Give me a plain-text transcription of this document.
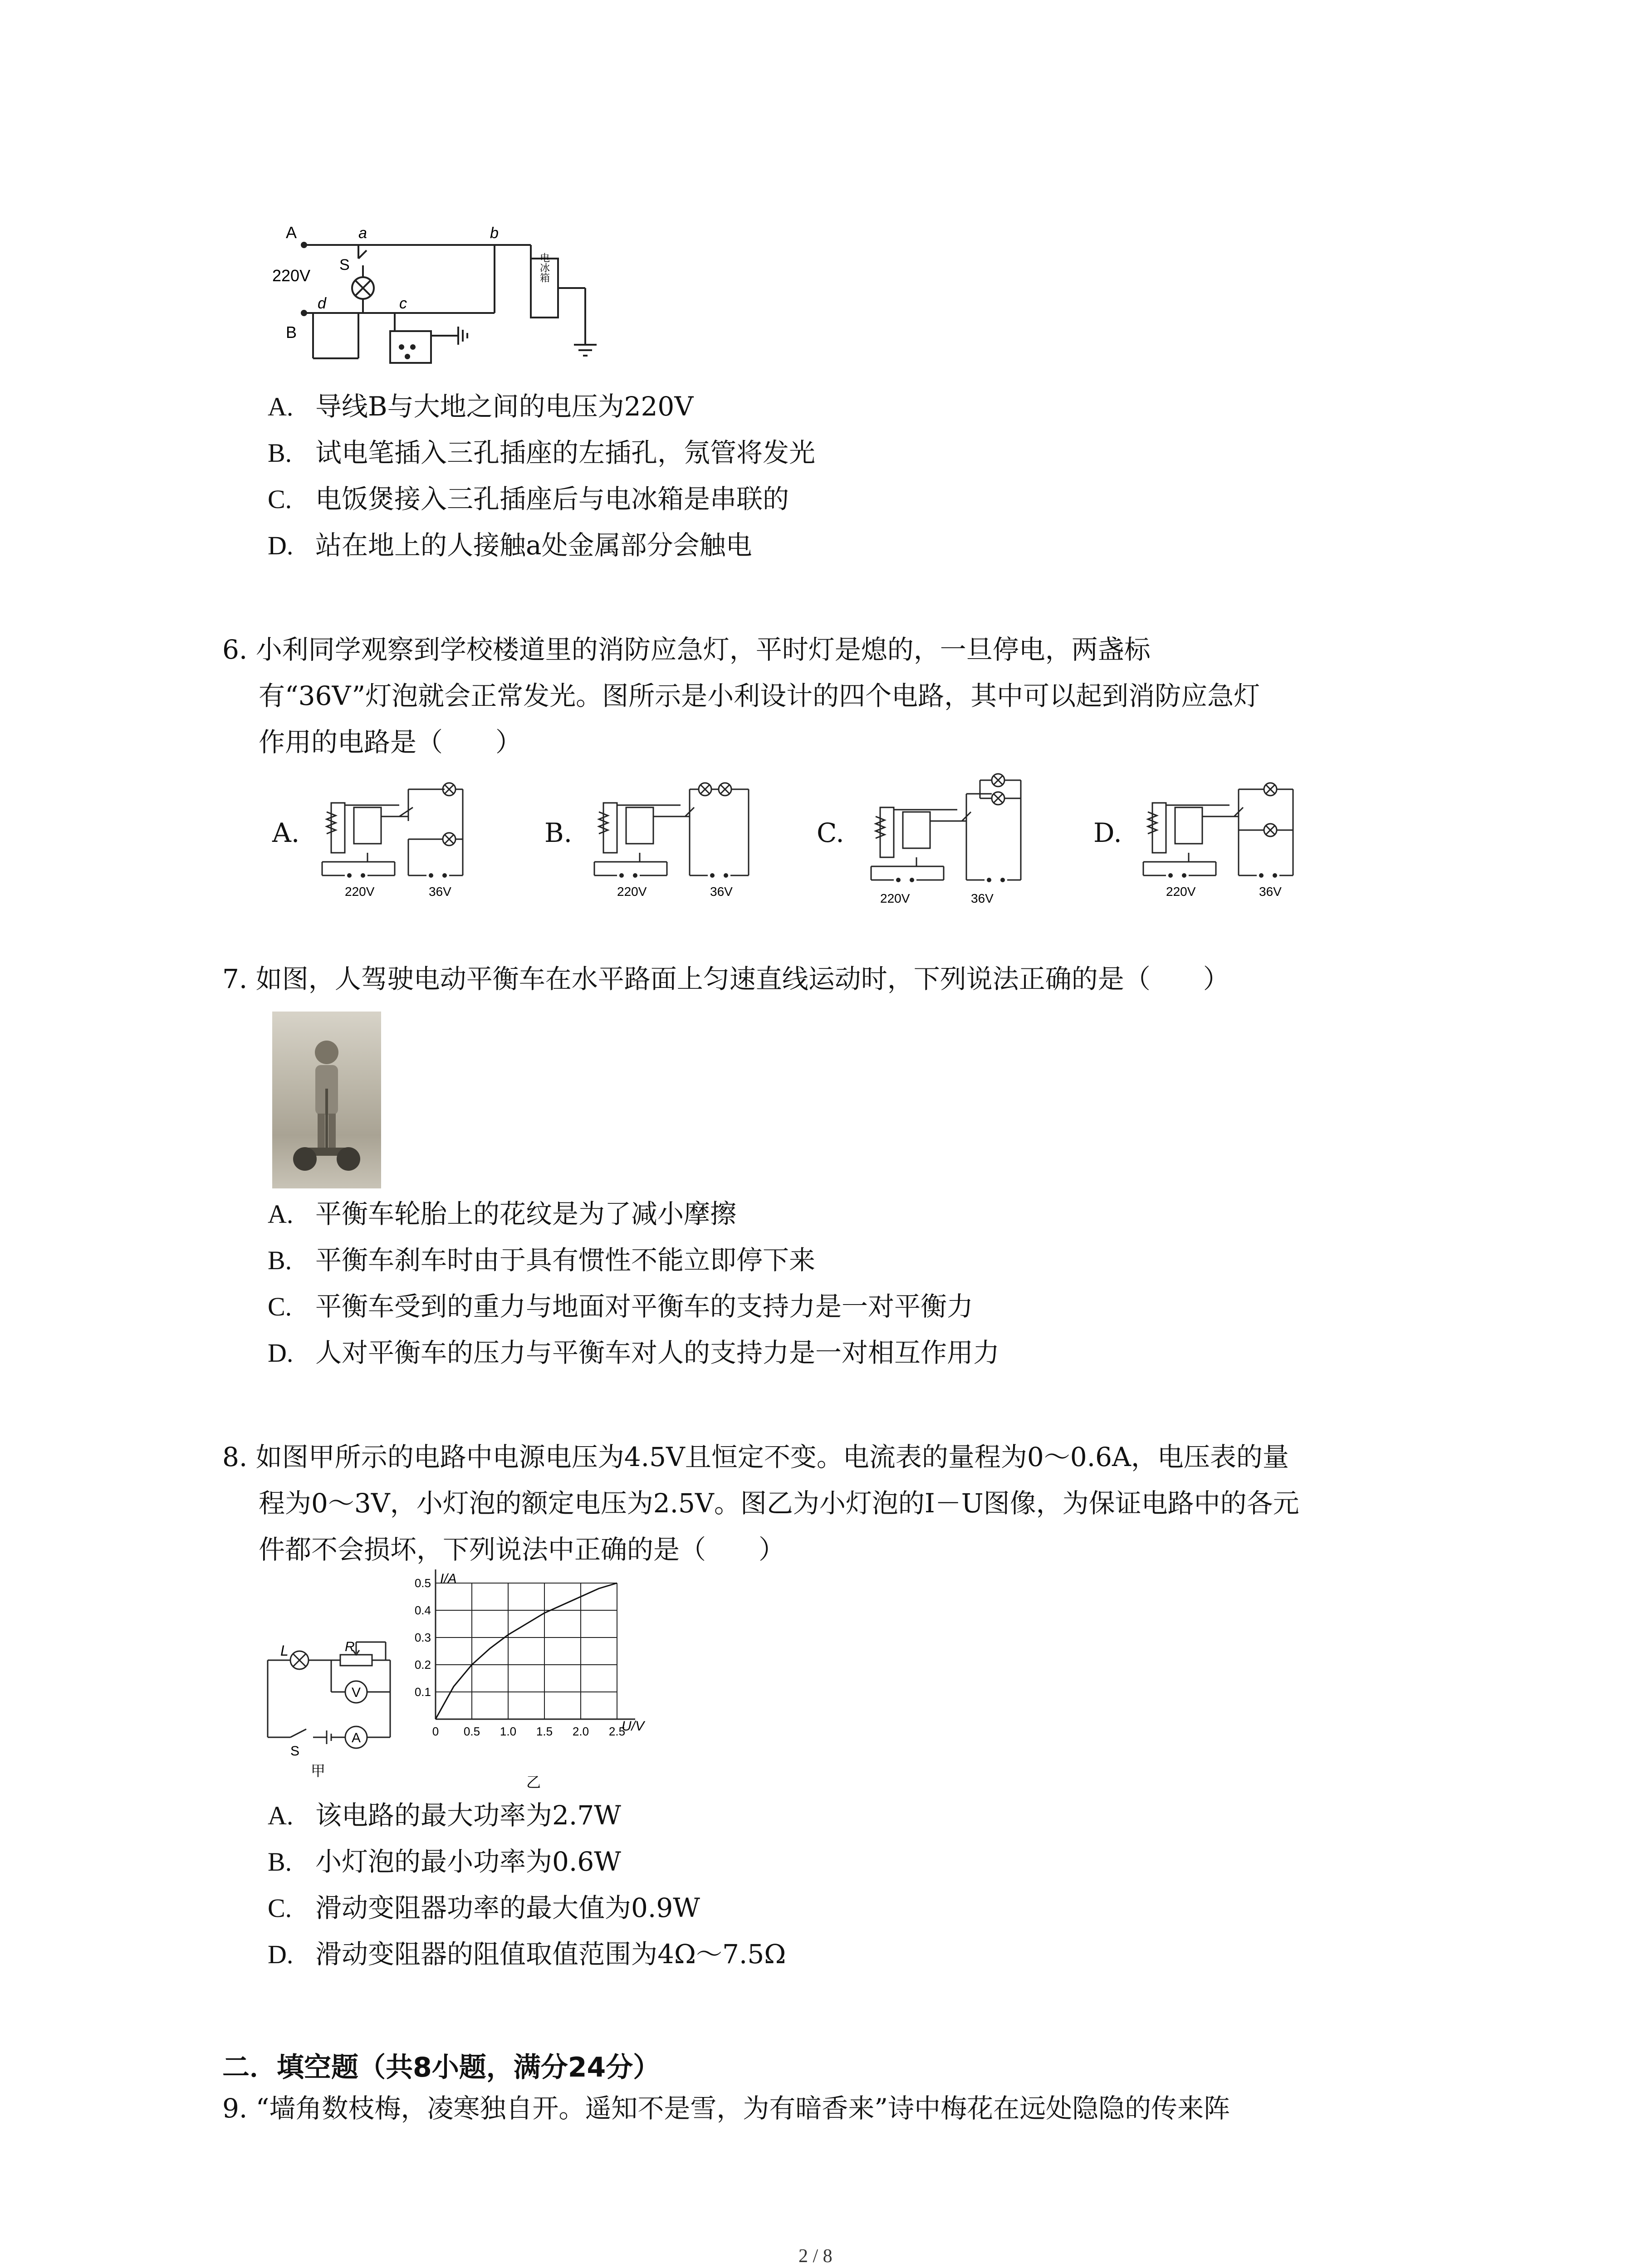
A
220V
B
a
S
b
d	c
电冰箱
A. 导线B与大地之间的电压为220V
B. 试电笔插入三孔插座的左插孔，氖管将发光
C. 电饭煲接入三孔插座后与电冰箱是串联的
D. 站在地上的人接触a处金属部分会触电
6. 小利同学观察到学校楼道里的消防应急灯，平时灯是熄的，一旦停电，两盏标
有“36V”灯泡就会正常发光。图所示是小利设计的四个电路，其中可以起到消防应急灯
作用的电路是（　　）
A.
220V	36V
B.
220V	36V
C.
220V	36V
D.
220V	36V
7. 如图，人驾驶电动平衡车在水平路面上匀速直线运动时，下列说法正确的是（　　）
A. 平衡车轮胎上的花纹是为了减小摩擦
B. 平衡车刹车时由于具有惯性不能立即停下来
C. 平衡车受到的重力与地面对平衡车的支持力是一对平衡力
D. 人对平衡车的压力与平衡车对人的支持力是一对相互作用力
8. 如图甲所示的电路中电源电压为4.5V且恒定不变。电流表的量程为0～0.6A，电压表的量
程为0～3V，小灯泡的额定电压为2.5V。图乙为小灯泡的I－U图像，为保证电路中的各元
件都不会损坏，下列说法中正确的是（　　）
L	R
V
A
S
甲
0 0.5 1.0 1.5 2.0 2.5
0.1
0.2
0.3
0.4
0.5 I/A
U/V
乙
A. 该电路的最大功率为2.7W
B. 小灯泡的最小功率为0.6W
C. 滑动变阻器功率的最大值为0.9W
D. 滑动变阻器的阻值取值范围为4Ω～7.5Ω
二．填空题（共8小题，满分24分）
9. “墙角数枝梅，凌寒独自开。遥知不是雪，为有暗香来”诗中梅花在远处隐隐的传来阵
2 / 8
